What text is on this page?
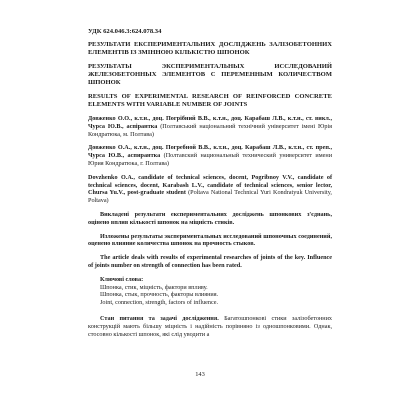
УДК 624.046.3:624.078.34
РЕЗУЛЬТАТИ ЕКСПЕРИМЕНТАЛЬНИХ ДОСЛІДЖЕНЬ ЗАЛІЗОБЕТОННИХ ЕЛЕМЕНТІВ ІЗ ЗМІННОЮ КІЛЬКІСТЮ ШПОНОК
РЕЗУЛЬТАТЫ ЭКСПЕРИМЕНТАЛЬНЫХ ИССЛЕДОВАНИЙ ЖЕЛЕЗОБЕТОННЫХ ЭЛЕМЕНТОВ С ПЕРЕМЕННЫМ КОЛИЧЕСТВОМ ШПОНОК
RESULTS OF EXPERIMENTAL RESEARCH OF REINFORCED CONCRETE ELEMENTS WITH VARIABLE NUMBER OF JOINTS
Довженко О.О., к.т.н., доц. Погрібний В.В., к.т.н., доц. Карабаш Л.В., к.т.н., ст. викл., Чурса Ю.В., аспірантка (Полтавський національний технічний університет імені Юрія Кондратюка, м. Полтава)
Довженко О.А., к.т.н., доц. Погребной В.В., к.т.н., доц. Карабаш Л.В., к.т.н., ст. преп., Чурса Ю.В., аспирантка (Полтавский национальный технический университет имени Юрия Кондратюка, г. Полтава)
Dovzhenko O.A., candidate of technical sciences, docent, Pogribnoy V.V., candidate of technical sciences, docent, Karabash L.V., candidate of technical sciences, senior lector, Chursa Yu.V., post-graduate student (Poltava National Technical Yuri Kondratyuk University, Poltava)
Викладені результати експериментальних досліджень шпонкових з'єднань, оцінено вплив кількості шпонок на міцність стиків.
Изложены результаты экспериментальных исследований шпоночных соединений, оценено влияние количества шпонок на прочность стыков.
The article deals with results of experimental researches of joints of the key. Influence of joints number on strength of connection has been rated.
Ключові слова:
Шпонка, стик, міцність, фактори впливу.
Шпонка, стык, прочность, факторы влияния.
Joint, connection, strength, factors of influence.
Стан питання та задачі дослідження. Багатошпонкові стики залізобетонних конструкцій мають більшу міцність і надійність порівняно із одношпонковими. Однак, стосовно кількості шпонок, які слід уводити а
143
